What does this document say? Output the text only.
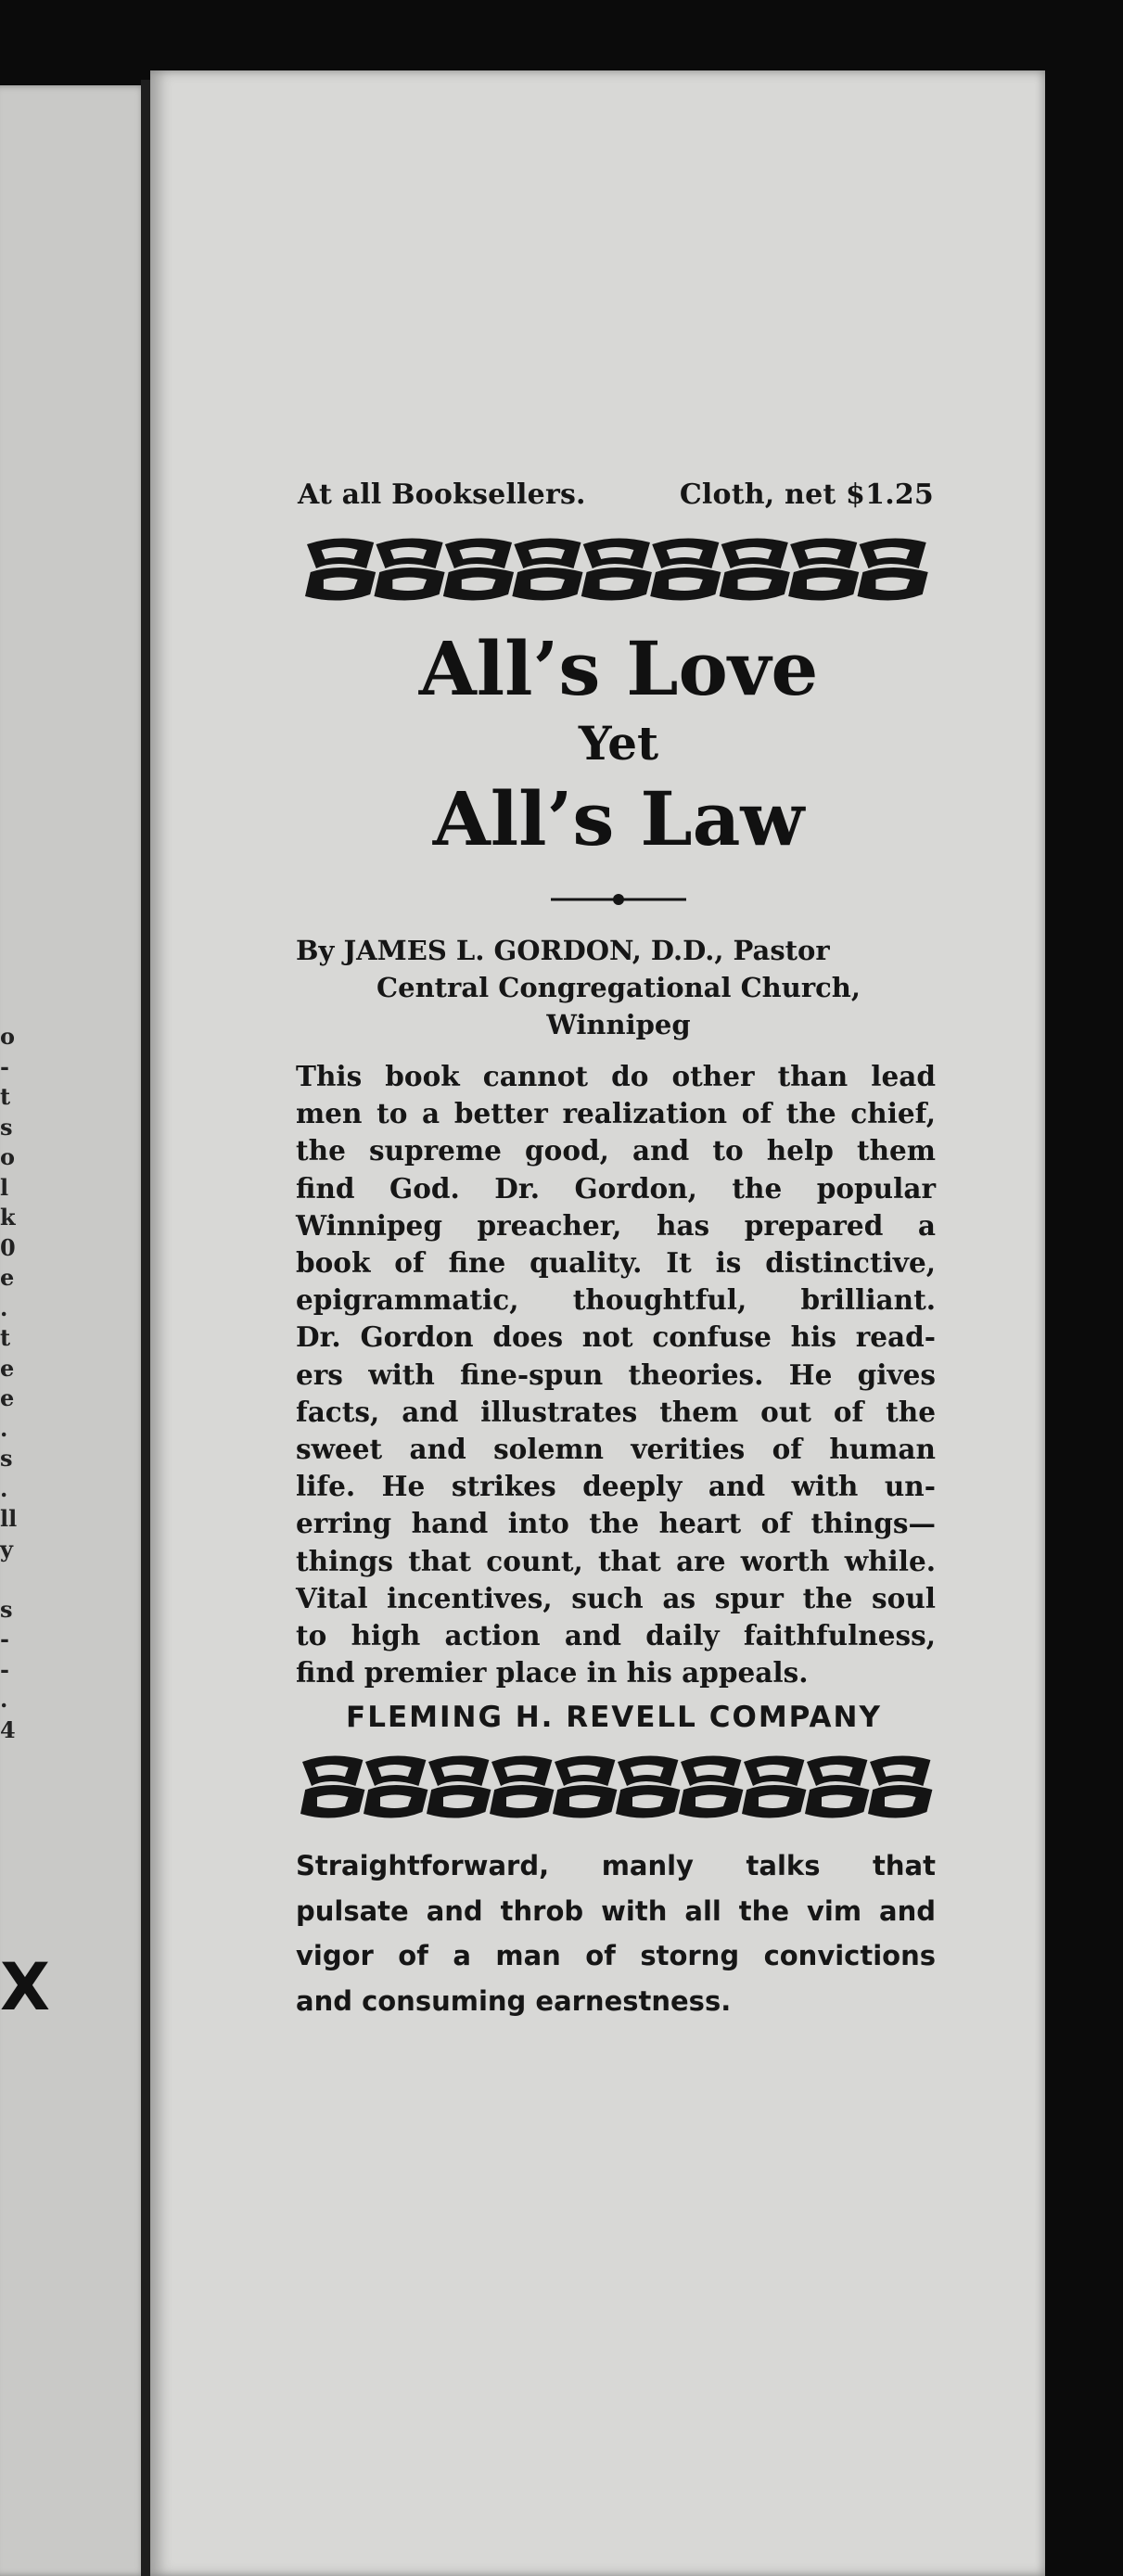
o
-
t
s
o
l
k
0
e
.
t
e
e
.
s
.
ll
y

s
-
-
.
4
X
At all Booksellers.	Cloth, net $1.25
All’s Love
Yet
All’s Law
By JAMES L. GORDON, D.D., Pastor
Central Congregational Church,
Winnipeg
This book cannot do other than lead
men to a better realization of the chief,
the supreme good, and to help them
find God. Dr. Gordon, the popular
Winnipeg preacher, has prepared a
book of fine quality. It is distinctive,
epigrammatic, thoughtful, brilliant.
Dr. Gordon does not confuse his read-
ers with fine-spun theories. He gives
facts, and illustrates them out of the
sweet and solemn verities of human
life. He strikes deeply and with un-
erring hand into the heart of things—
things that count, that are worth while.
Vital incentives, such as spur the soul
to high action and daily faithfulness,
find premier place in his appeals.
FLEMING H. REVELL COMPANY
Straightforward, manly talks that
pulsate and throb with all the vim and
vigor of a man of storng convictions
and consuming earnestness.
